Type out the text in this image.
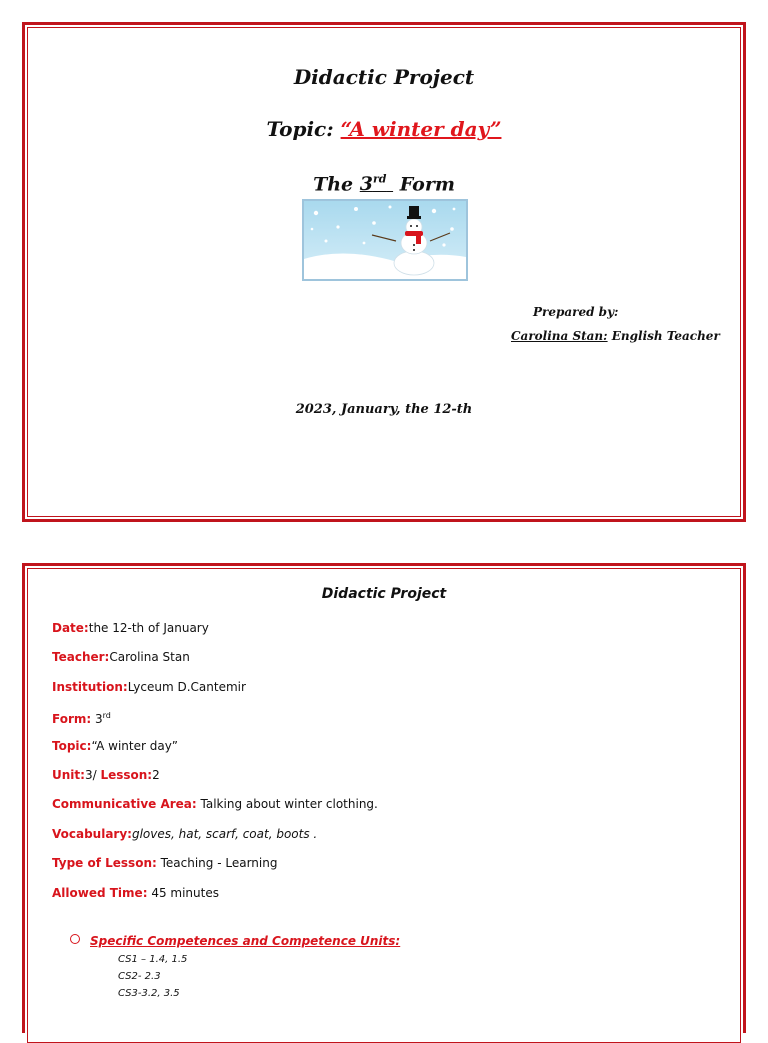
Didactic Project
Topic: “A winter day”
The 3rd  Form
Prepared by:
Carolina Stan: English Teacher
2023, January, the 12-th
Didactic Project
Date:the 12-th of January
Teacher:Carolina Stan
Institution:Lyceum D.Cantemir
Form: 3rd
Topic:“A winter day”
Unit:3/ Lesson:2
Communicative Area: Talking about winter clothing.
Vocabulary:gloves, hat, scarf, coat, boots .
Type of Lesson: Teaching - Learning
Allowed Time: 45 minutes
Specific Competences and Competence Units:
CS1 – 1.4, 1.5
CS2- 2.3
CS3-3.2, 3.5
